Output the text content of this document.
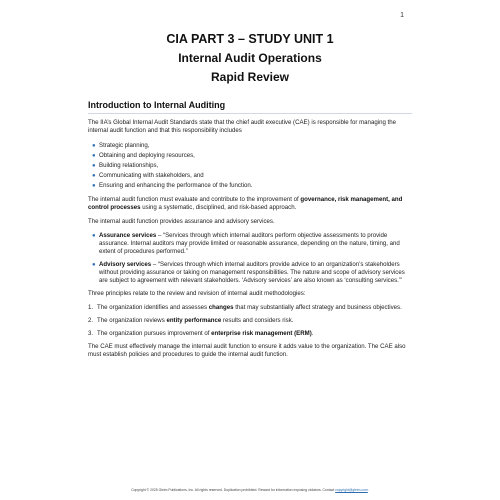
1
CIA PART 3 – STUDY UNIT 1
Internal Audit Operations
Rapid Review
Introduction to Internal Auditing

The IIA’s Global Internal Audit Standards state that the chief audit executive (CAE) is responsible for managing the internal audit function and that this responsibility includes

● Strategic planning,
● Obtaining and deploying resources,
● Building relationships,
● Communicating with stakeholders, and
● Ensuring and enhancing the performance of the function.

The internal audit function must evaluate and contribute to the improvement of governance, risk management, and control processes using a systematic, disciplined, and risk-based approach.

The internal audit function provides assurance and advisory services.

● Assurance services – “Services through which internal auditors perform objective assessments to provide assurance. Internal auditors may provide limited or reasonable assurance, depending on the nature, timing, and extent of procedures performed.”
● Advisory services – “Services through which internal auditors provide advice to an organization’s stakeholders without providing assurance or taking on management responsibilities. The nature and scope of advisory services are subject to agreement with relevant stakeholders. ‘Advisory services’ are also known as ‘consulting services.’”

Three principles relate to the review and revision of internal audit methodologies:

1. The organization identifies and assesses changes that may substantially affect strategy and business objectives.
2. The organization reviews entity performance results and considers risk.
3. The organization pursues improvement of enterprise risk management (ERM).

The CAE must effectively manage the internal audit function to ensure it adds value to the organization. The CAE also must establish policies and procedures to guide the internal audit function.

Copyright © 2025 Gleim Publications, Inc. All rights reserved. Duplication prohibited. Reward for information exposing violators. Contact copyright@gleim.com.
